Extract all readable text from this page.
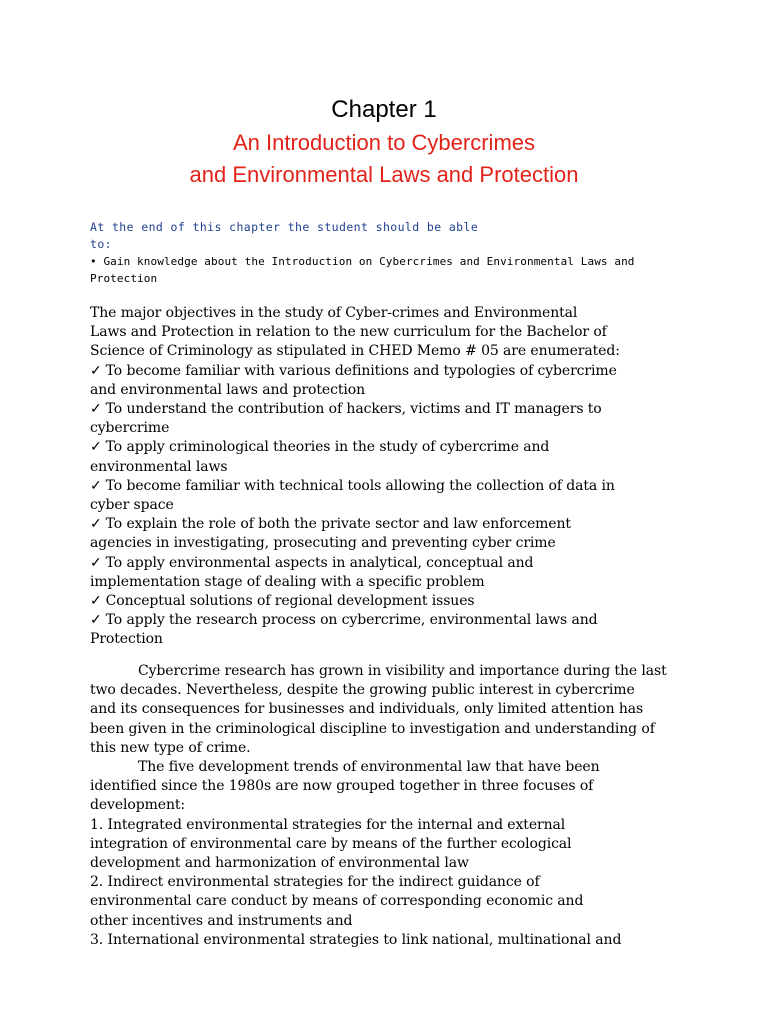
Chapter 1
An Introduction to Cybercrimes
and Environmental Laws and Protection
At the end of this chapter the student should be able
to:
• Gain knowledge about the Introduction on Cybercrimes and Environmental Laws and
Protection
The major objectives in the study of Cyber-crimes and Environmental
Laws and Protection in relation to the new curriculum for the Bachelor of
Science of Criminology as stipulated in CHED Memo # 05 are enumerated:
✓ To become familiar with various definitions and typologies of cybercrime
and environmental laws and protection
✓ To understand the contribution of hackers, victims and IT managers to
cybercrime
✓ To apply criminological theories in the study of cybercrime and
environmental laws
✓ To become familiar with technical tools allowing the collection of data in
cyber space
✓ To explain the role of both the private sector and law enforcement
agencies in investigating, prosecuting and preventing cyber crime
✓ To apply environmental aspects in analytical, conceptual and
implementation stage of dealing with a specific problem
✓ Conceptual solutions of regional development issues
✓ To apply the research process on cybercrime, environmental laws and
Protection
Cybercrime research has grown in visibility and importance during the last
two decades. Nevertheless, despite the growing public interest in cybercrime
and its consequences for businesses and individuals, only limited attention has
been given in the criminological discipline to investigation and understanding of
this new type of crime.
The five development trends of environmental law that have been
identified since the 1980s are now grouped together in three focuses of
development:
1. Integrated environmental strategies for the internal and external
integration of environmental care by means of the further ecological
development and harmonization of environmental law
2. Indirect environmental strategies for the indirect guidance of
environmental care conduct by means of corresponding economic and
other incentives and instruments and
3. International environmental strategies to link national, multinational and
